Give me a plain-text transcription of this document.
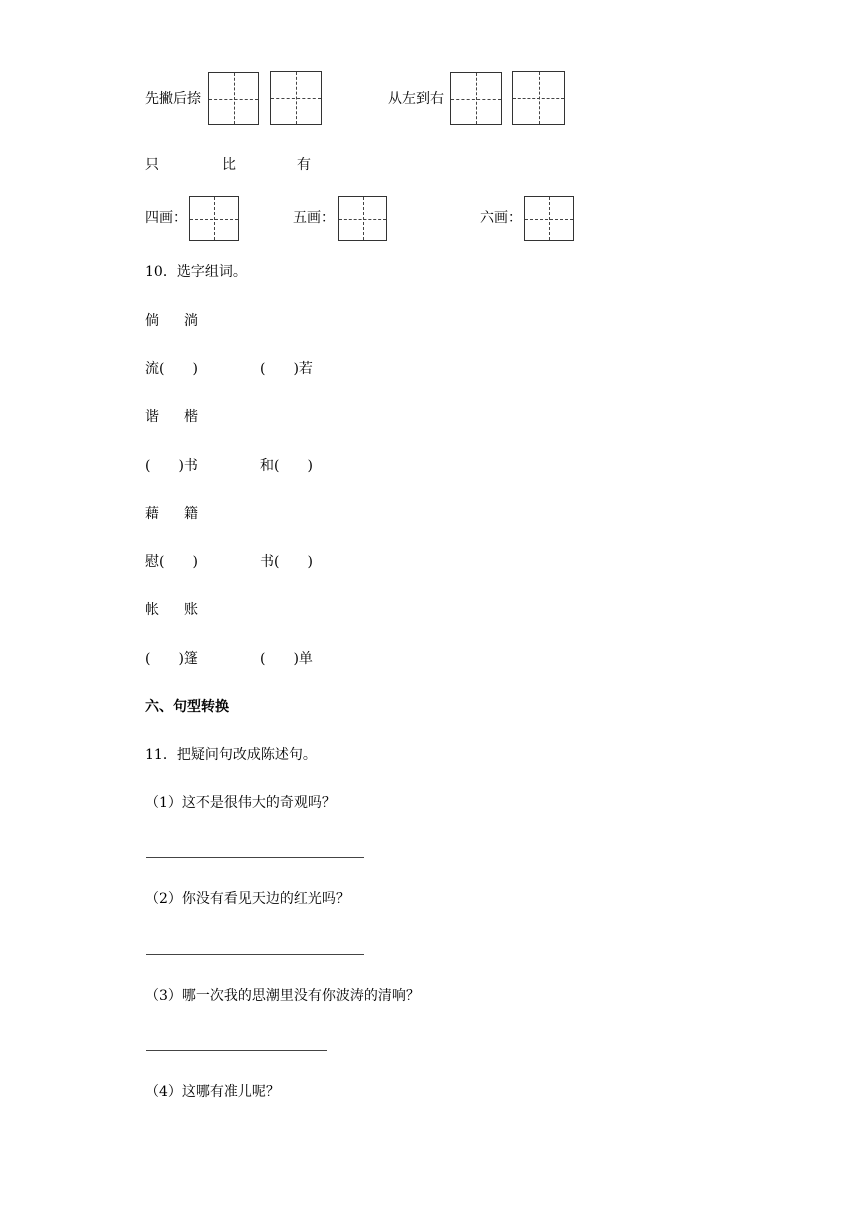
先撇后捺	从左到右
只	比	有
四画：	五画：	六画：
10．选字组词。
倘 淌
流(　　)	(　　)若
谐 楷
(　　)书	和(　　)
藉 籍
慰(　　)	书(　　)
帐 账
(　　)篷	(　　)单
六、句型转换
11．把疑问句改成陈述句。
（1）这不是很伟大的奇观吗？
（2）你没有看见天边的红光吗？
（3）哪一次我的思潮里没有你波涛的清响？
（4）这哪有准儿呢？
